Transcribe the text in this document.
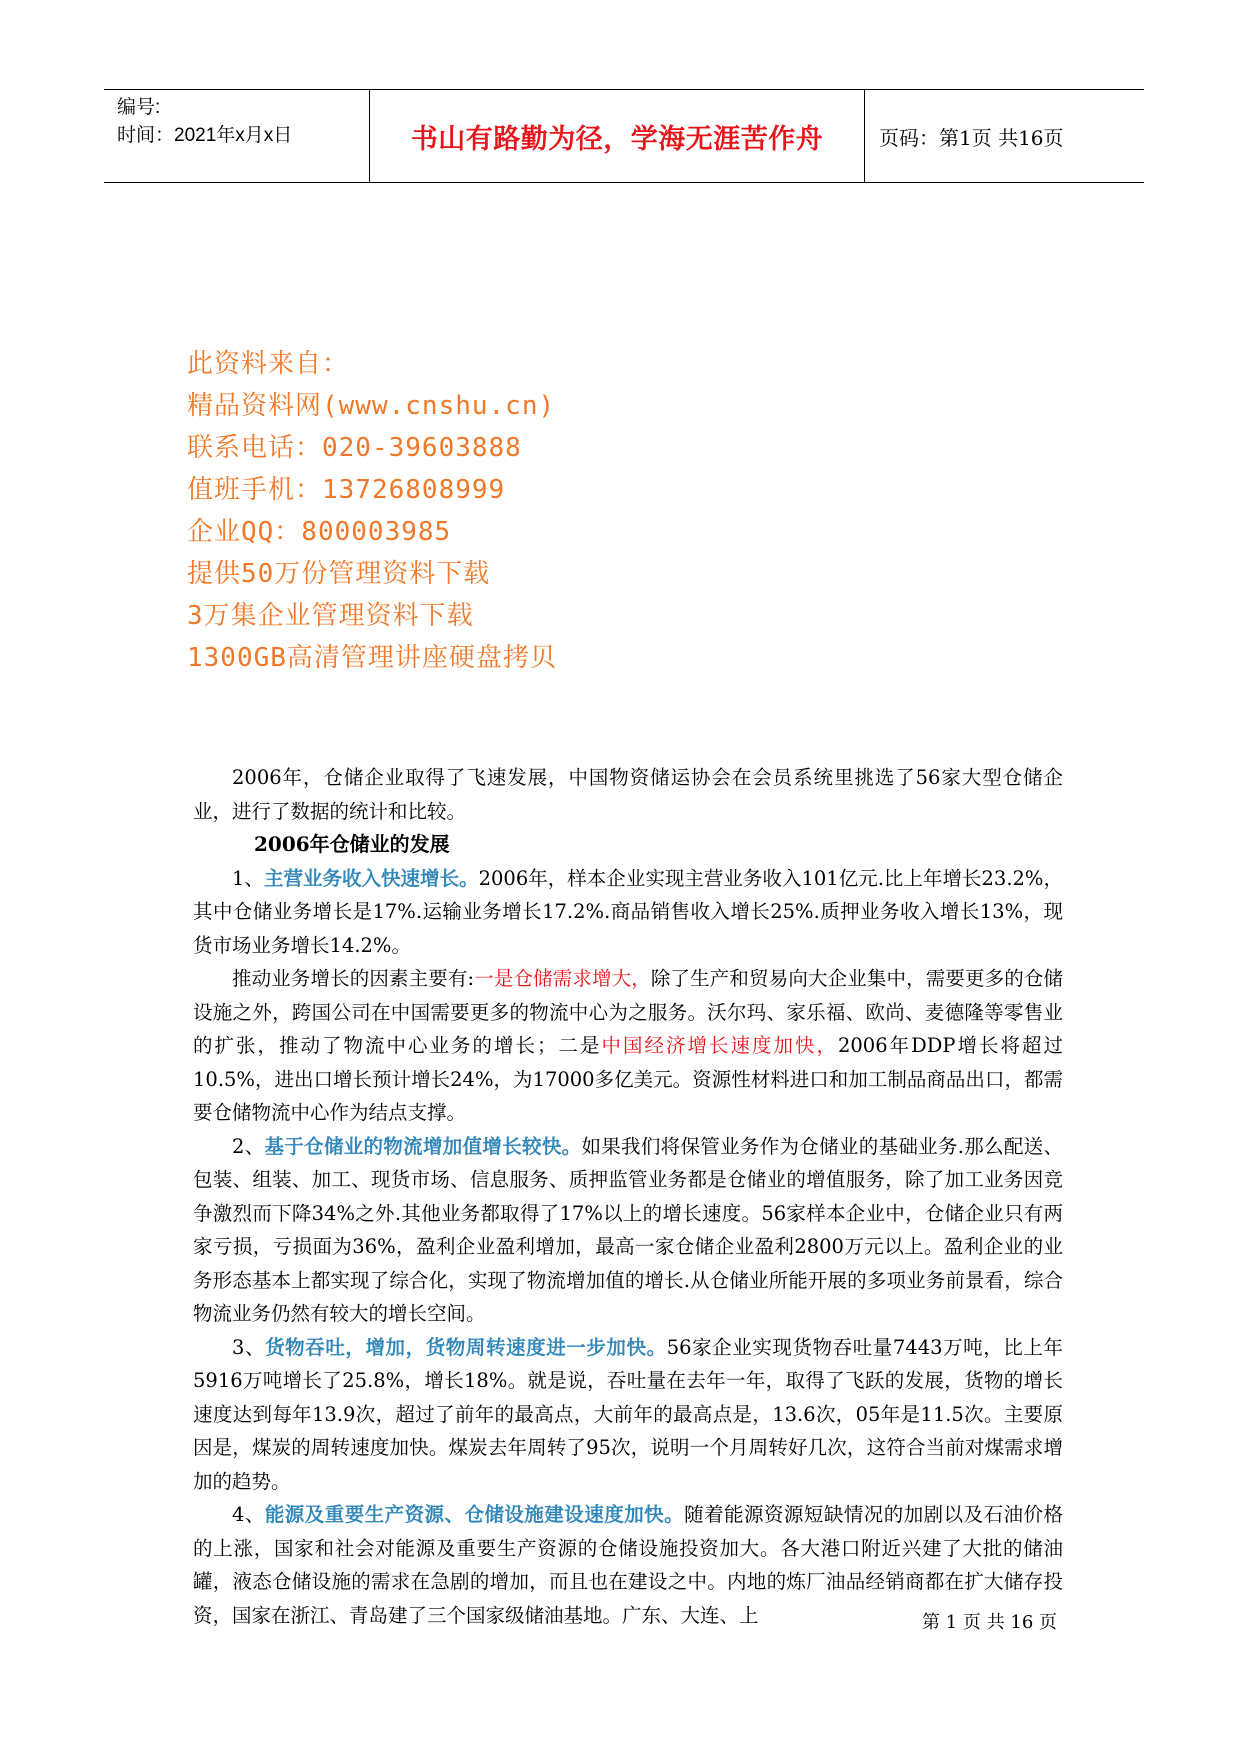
编号:
时间：2021年x月x日	书山有路勤为径，学海无涯苦作舟	页码：第1页 共16页
此资料来自：
精品资料网(www.cnshu.cn)
联系电话：020-39603888
值班手机：13726808999
企业QQ：800003985
提供50万份管理资料下载
3万集企业管理资料下载
1300GB高清管理讲座硬盘拷贝

2006年，仓储企业取得了飞速发展，中国物资储运协会在会员系统里挑选了56家大型仓储企业，进行了数据的统计和比较。

2006年仓储业的发展

1、主营业务收入快速增长。2006年，样本企业实现主营业务收入101亿元.比上年增长23.2%，其中仓储业务增长是17%.运输业务增长17.2%.商品销售收入增长25%.质押业务收入增长13%，现货市场业务增长14.2%。

推动业务增长的因素主要有:一是仓储需求增大，除了生产和贸易向大企业集中，需要更多的仓储设施之外，跨国公司在中国需要更多的物流中心为之服务。沃尔玛、家乐福、欧尚、麦德隆等零售业的扩张，推动了物流中心业务的增长；二是中国经济增长速度加快，2006年DDP增长将超过10.5%，进出口增长预计增长24%，为17000多亿美元。资源性材料进口和加工制品商品出口，都需要仓储物流中心作为结点支撑。

2、基于仓储业的物流增加值增长较快。如果我们将保管业务作为仓储业的基础业务.那么配送、包装、组装、加工、现货市场、信息服务、质押监管业务都是仓储业的增值服务，除了加工业务因竞争激烈而下降34%之外.其他业务都取得了17%以上的增长速度。56家样本企业中，仓储企业只有两家亏损，亏损面为36%，盈利企业盈利增加，最高一家仓储企业盈利2800万元以上。盈利企业的业务形态基本上都实现了综合化，实现了物流增加值的增长.从仓储业所能开展的多项业务前景看，综合物流业务仍然有较大的增长空间。

3、货物吞吐，增加，货物周转速度进一步加快。56家企业实现货物吞吐量7443万吨，比上年5916万吨增长了25.8%，增长18%。就是说，吞吐量在去年一年，取得了飞跃的发展，货物的增长速度达到每年13.9次，超过了前年的最高点，大前年的最高点是，13.6次，05年是11.5次。主要原因是，煤炭的周转速度加快。煤炭去年周转了95次，说明一个月周转好几次，这符合当前对煤需求增加的趋势。

4、能源及重要生产资源、仓储设施建设速度加快。随着能源资源短缺情况的加剧以及石油价格的上涨，国家和社会对能源及重要生产资源的仓储设施投资加大。各大港口附近兴建了大批的储油罐，液态仓储设施的需求在急剧的增加，而且也在建设之中。内地的炼厂油品经销商都在扩大储存投资，国家在浙江、青岛建了三个国家级储油基地。广东、大连、上	第 1 页 共 16 页
